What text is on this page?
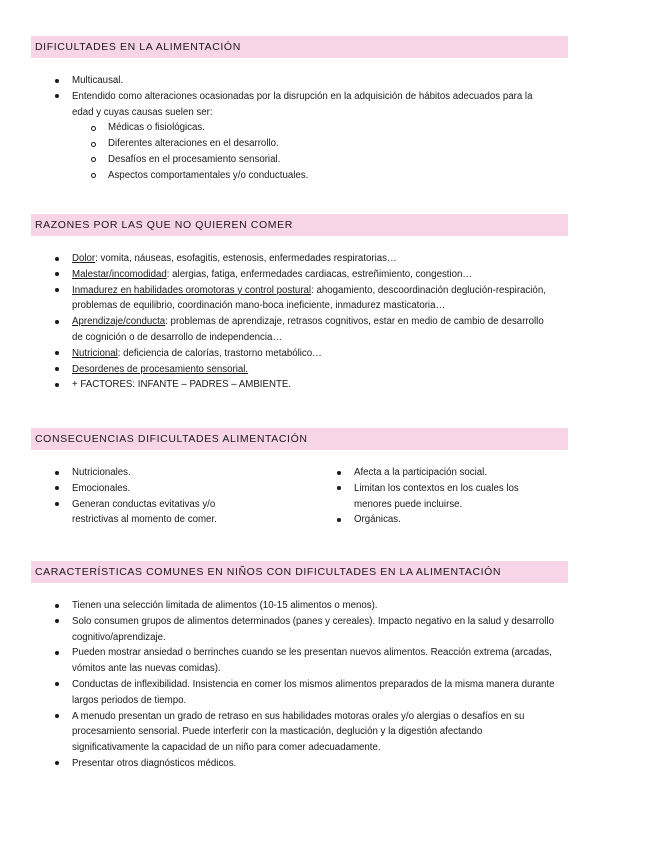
DIFICULTADES EN LA ALIMENTACIÓN
Multicausal.
Entendido como alteraciones ocasionadas por la disrupción en la adquisición de hábitos adecuados para la edad y cuyas causas suelen ser:
Médicas o fisiológicas.
Diferentes alteraciones en el desarrollo.
Desafíos en el procesamiento sensorial.
Aspectos comportamentales y/o conductuales.
RAZONES POR LAS QUE NO QUIEREN COMER
Dolor: vomita, náuseas, esofagitis, estenosis, enfermedades respiratorias…
Malestar/incomodidad: alergias, fatiga, enfermedades cardiacas, estreñimiento, congestion…
Inmadurez en habilidades oromotoras y control postural: ahogamiento, descoordinación deglución-respiración, problemas de equilibrio, coordinación mano-boca ineficiente, inmadurez masticatoria…
Aprendizaje/conducta: problemas de aprendizaje, retrasos cognitivos, estar en medio de cambio de desarrollo de cognición o de desarrollo de independencia…
Nutricional: deficiencia de calorías, trastorno metabólico…
Desordenes de procesamiento sensorial.
+ FACTORES: INFANTE – PADRES – AMBIENTE.
CONSECUENCIAS DIFICULTADES ALIMENTACIÓN
Nutricionales.
Emocionales.
Generan conductas evitativas y/o restrictivas al momento de comer.
Afecta a la participación social.
Limitan los contextos en los cuales los menores puede incluirse.
Orgánicas.
CARACTERÍSTICAS COMUNES EN NIÑOS CON DIFICULTADES EN LA ALIMENTACIÓN
Tienen una selección limitada de alimentos (10-15 alimentos o menos).
Solo consumen grupos de alimentos determinados (panes y cereales). Impacto negativo en la salud y desarrollo cognitivo/aprendizaje.
Pueden mostrar ansiedad o berrinches cuando se les presentan nuevos alimentos. Reacción extrema (arcadas, vómitos ante las nuevas comidas).
Conductas de inflexibilidad. Insistencia en comer los mismos alimentos preparados de la misma manera durante largos periodos de tiempo.
A menudo presentan un grado de retraso en sus habilidades motoras orales y/o alergias o desafíos en su procesamiento sensorial. Puede interferir con la masticación, deglución y la digestión afectando significativamente la capacidad de un niño para comer adecuadamente.
Presentar otros diagnósticos médicos.
